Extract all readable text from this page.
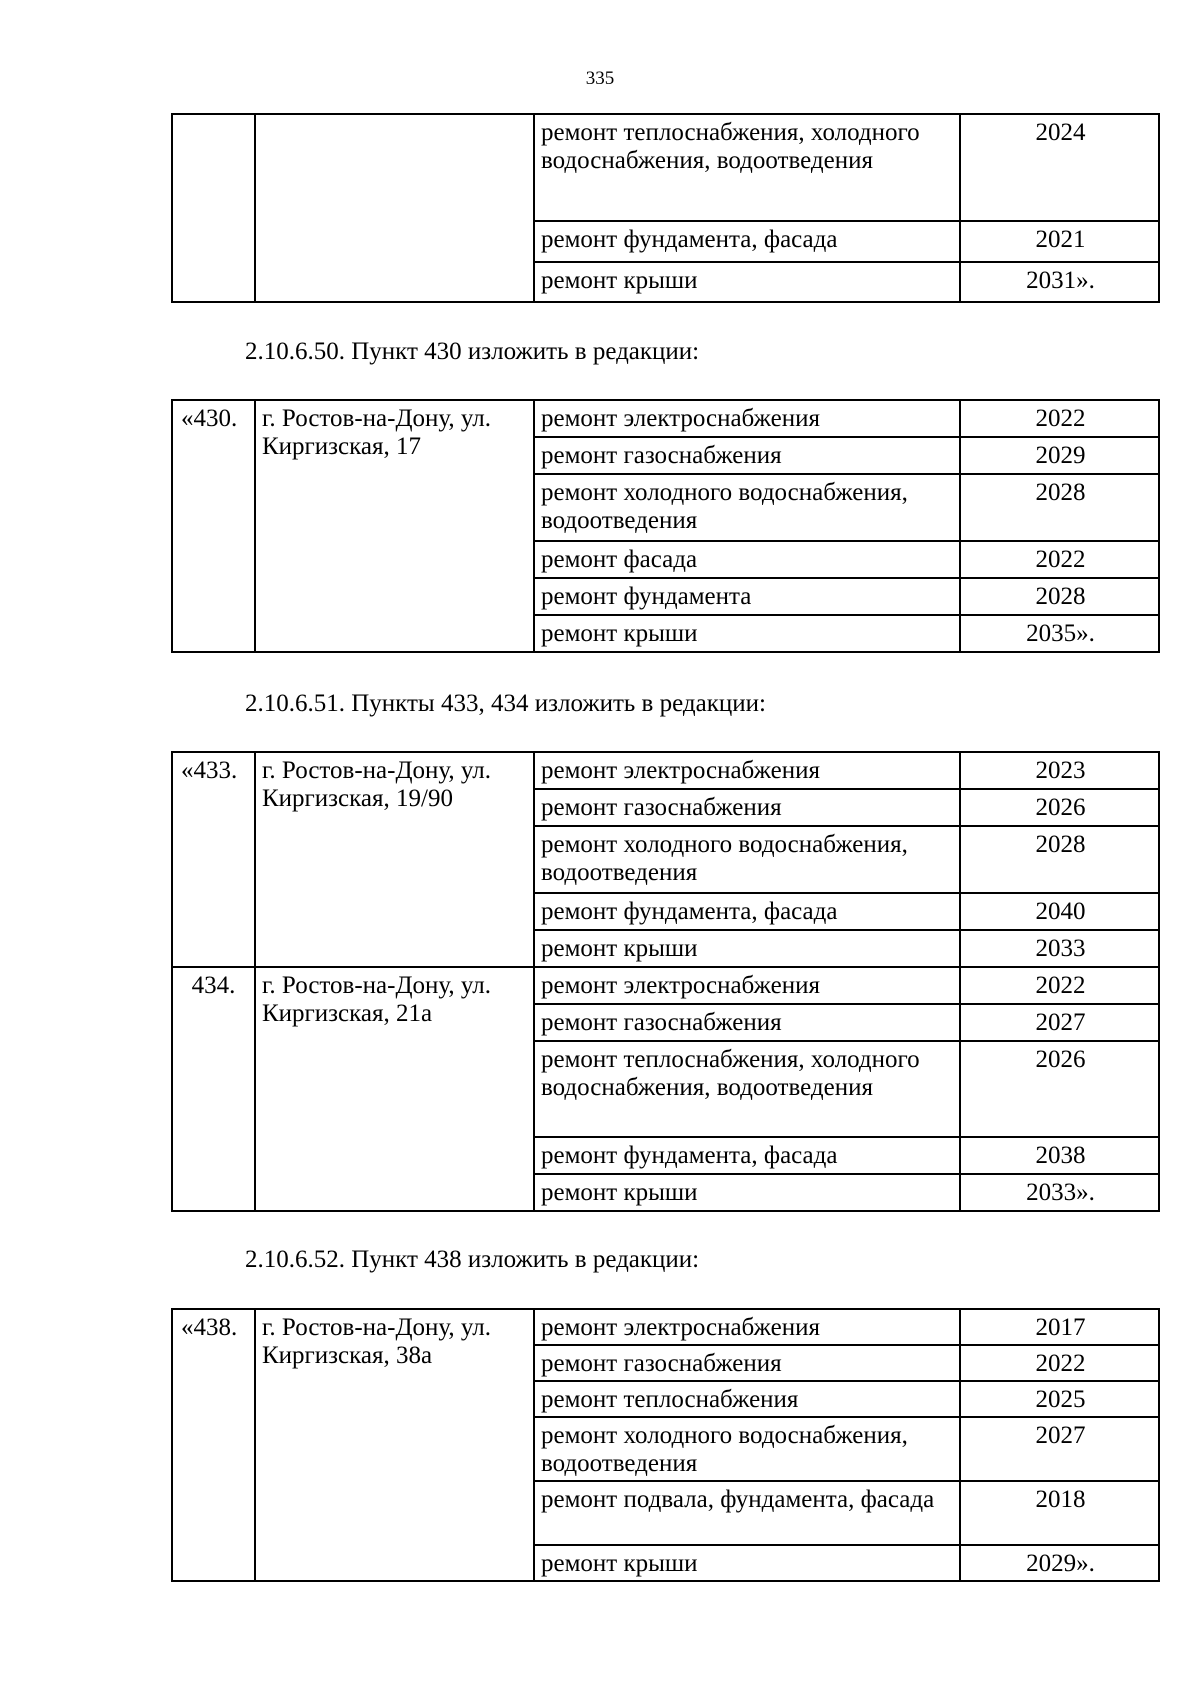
335
		ремонт теплоснабжения, холодного водоснабжения, водоотведения	2024
		ремонт фундамента, фасада	2021
		ремонт крыши	2031».
2.10.6.50. Пункт 430 изложить в редакции:
«430.	г. Ростов-на-Дону, ул. Киргизская, 17	ремонт электроснабжения	2022
		ремонт газоснабжения	2029
		ремонт холодного водоснабжения, водоотведения	2028
		ремонт фасада	2022
		ремонт фундамента	2028
		ремонт крыши	2035».
2.10.6.51. Пункты 433, 434 изложить в редакции:
«433.	г. Ростов-на-Дону, ул. Киргизская, 19/90	ремонт электроснабжения	2023
		ремонт газоснабжения	2026
		ремонт холодного водоснабжения, водоотведения	2028
		ремонт фундамента, фасада	2040
		ремонт крыши	2033
434.	г. Ростов-на-Дону, ул. Киргизская, 21а	ремонт электроснабжения	2022
		ремонт газоснабжения	2027
		ремонт теплоснабжения, холодного водоснабжения, водоотведения	2026
		ремонт фундамента, фасада	2038
		ремонт крыши	2033».
2.10.6.52. Пункт 438 изложить в редакции:
«438.	г. Ростов-на-Дону, ул. Киргизская, 38а	ремонт электроснабжения	2017
		ремонт газоснабжения	2022
		ремонт теплоснабжения	2025
		ремонт холодного водоснабжения, водоотведения	2027
		ремонт подвала, фундамента, фасада	2018
		ремонт крыши	2029».
